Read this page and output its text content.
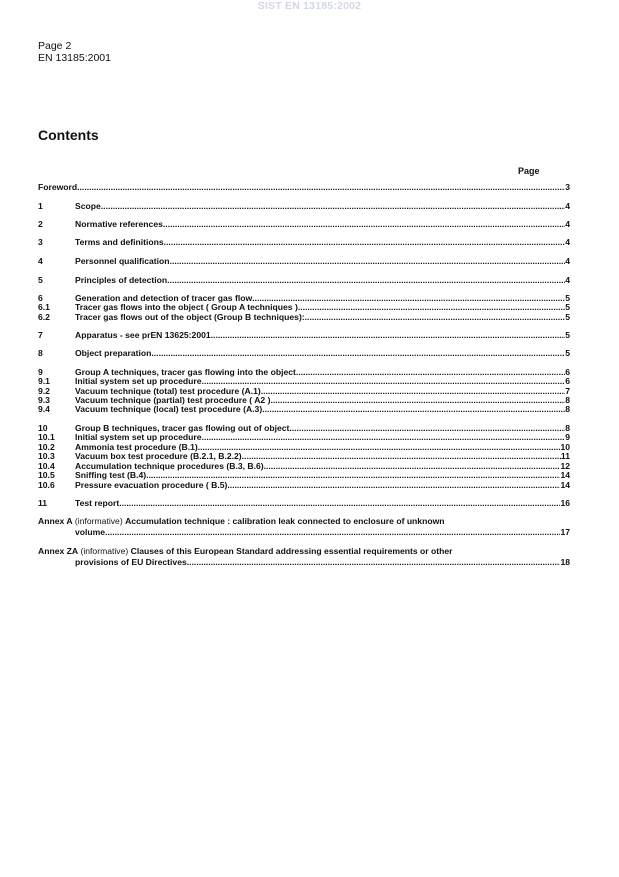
SIST EN 13185:2002
Page 2
EN 13185:2001
Contents
Page
Foreword .....	3
1	Scope .....	4
2	Normative references .....	4
3	Terms and definitions .....	4
4	Personnel qualification .....	4
5	Principles of detection .....	4
6	Generation and detection of tracer gas flow .....	5
6.1	Tracer gas flows into the object ( Group A techniques ) .....	5
6.2	Tracer gas flows out of the object (Group B techniques): .....	5
7	Apparatus - see prEN 13625:2001 .....	5
8	Object preparation .....	5
9	Group A techniques, tracer gas flowing into the object. .....	6
9.1	Initial system set up procedure .....	6
9.2	Vacuum technique (total) test procedure (A.1) .....	7
9.3	Vacuum technique (partial) test procedure ( A2 ) .....	8
9.4	Vacuum technique (local) test procedure (A.3) .....	8
10	Group B techniques, tracer gas flowing out of object .....	8
10.1 Initial system set up procedure .....	9
10.2 Ammonia test procedure (B.1) .....	10
10.3 Vacuum box test procedure (B.2.1, B.2.2) .....	11
10.4 Accumulation technique procedures (B.3, B.6) .....	12
10.5 Sniffing test (B.4) .....	14
10.6 Pressure evacuation procedure ( B.5) .....	14
11	Test report .....	16
Annex A (informative) Accumulation technique : calibration leak connected to enclosure of unknown
volume .....	17
Annex ZA (informative) Clauses of this European Standard addressing essential requirements or other
provisions of EU Directives .....	18
